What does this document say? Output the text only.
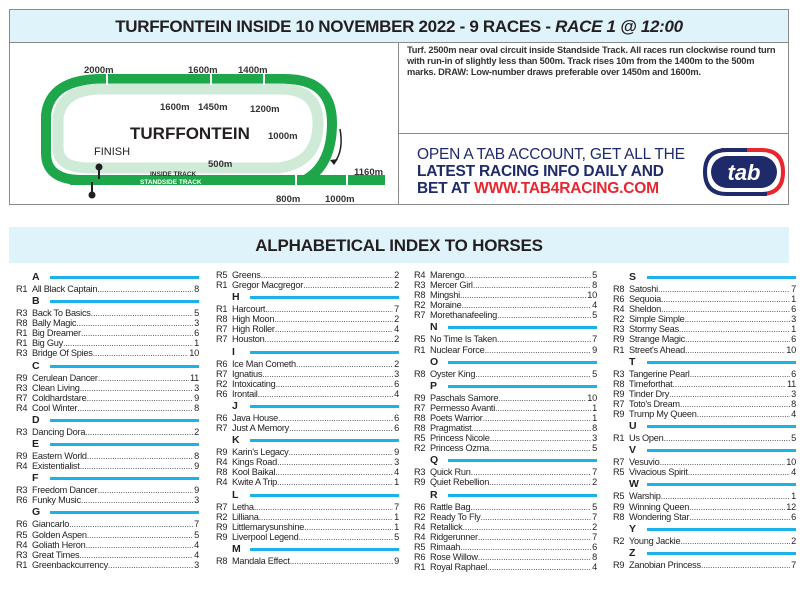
TURFFONTEIN INSIDE 10 NOVEMBER 2022 - 9 RACES - RACE 1 @ 12:00
2000m	1600m 1400m
1600m 1450m 1200m
1000m
500m
1160m
800m	1000m
TURFFONTEIN
FINISH
INSIDE TRACK
STANDSIDE TRACK
Turf. 2500m near oval circuit inside Standside Track. All races run clockwise round turn with run-in of slightly less than 500m. Track rises 10m from the 1400m to the 500m marks. DRAW: Low-number draws preferable over 1450m and 1600m.
OPEN A TAB ACCOUNT, GET ALL THE
LATEST RACING INFO DAILY AND
BET AT WWW.TAB4RACING.COM
tab
ALPHABETICAL INDEX TO HORSES
A
R1 All Black Captain .....	8
B
R3 Back To Basics .....	5
R8 Bally Magic .....	3
R1 Big Dreamer .....	6
R1 Big Guy .....	1
R3 Bridge Of Spies .....	10
C
R9 Cerulean Dancer .....	11
R3 Clean Living .....	3
R7 Coldhardstare .....	9
R4 Cool Winter .....	8
D
R3 Dancing Dora .....	2
E
R9 Eastern World .....	8
R4 Existentialist .....	9
F
R3 Freedom Dancer .....	9
R6 Funky Music .....	3
G
R6 Giancarlo .....	7
R5 Golden Aspen .....	5
R4 Goliath Heron .....	4
R3 Great Times .....	4
R1 Greenbackcurrency .....	3
R5 Greens .....	2
R1 Gregor Macgregor .....	2
H
R1 Harcourt .....	7
R8 High Moon .....	2
R7 High Roller .....	4
R7 Houston .....	2
I
R6 Ice Man Cometh .....	2
R7 Ignatius .....	3
R2 Intoxicating .....	6
R6 Irontail .....	4
J
R6 Java House .....	6
R7 Just A Memory .....	6
K
R9 Karin's Legacy .....	9
R4 Kings Road .....	3
R8 Kool Baikal .....	4
R4 Kwite A Trip .....	1
L
R7 Letha .....	7
R2 Lilliana .....	1
R9 Littlemarysunshine .....	1
R9 Liverpool Legend .....	5
M
R8 Mandala Effect .....	9
R4 Marengo .....	5
R3 Mercer Girl .....	8
R8 Mingshi .....	10
R2 Moraine .....	4
R7 Morethanafeeling .....	5
N
R5 No Time Is Taken .....	7
R1 Nuclear Force .....	9
O
R8 Oyster King .....	5
P
R9 Paschals Samore .....	10
R7 Permesso Avanti .....	1
R8 Poets Warrior .....	1
R8 Pragmatist .....	8
R5 Princess Nicole .....	3
R2 Princess Ozma .....	5
Q
R3 Quick Run .....	7
R9 Quiet Rebellion .....	2
R
R6 Rattle Bag .....	5
R2 Ready To Fly .....	7
R4 Retallick .....	2
R4 Ridgerunner .....	7
R5 Rimaah .....	6
R6 Rose Willow .....	8
R1 Royal Raphael .....	4
S
R8 Satoshi .....	7
R6 Sequoia .....	1
R4 Sheldon .....	6
R2 Simple Simple .....	3
R3 Stormy Seas .....	1
R9 Strange Magic .....	6
R1 Street's Ahead .....	10
T
R3 Tangerine Pearl .....	6
R8 Timeforthat .....	11
R9 Tinder Dry .....	3
R7 Toto's Dream .....	8
R9 Trump My Queen .....	4
U
R1 Us Open .....	5
V
R7 Vesuvio .....	10
R5 Vivacious Spirit .....	4
W
R5 Warship .....	1
R9 Winning Queen .....	12
R8 Wondering Star .....	6
Y
R2 Young Jackie .....	2
Z
R9 Zanobian Princess .....	7
